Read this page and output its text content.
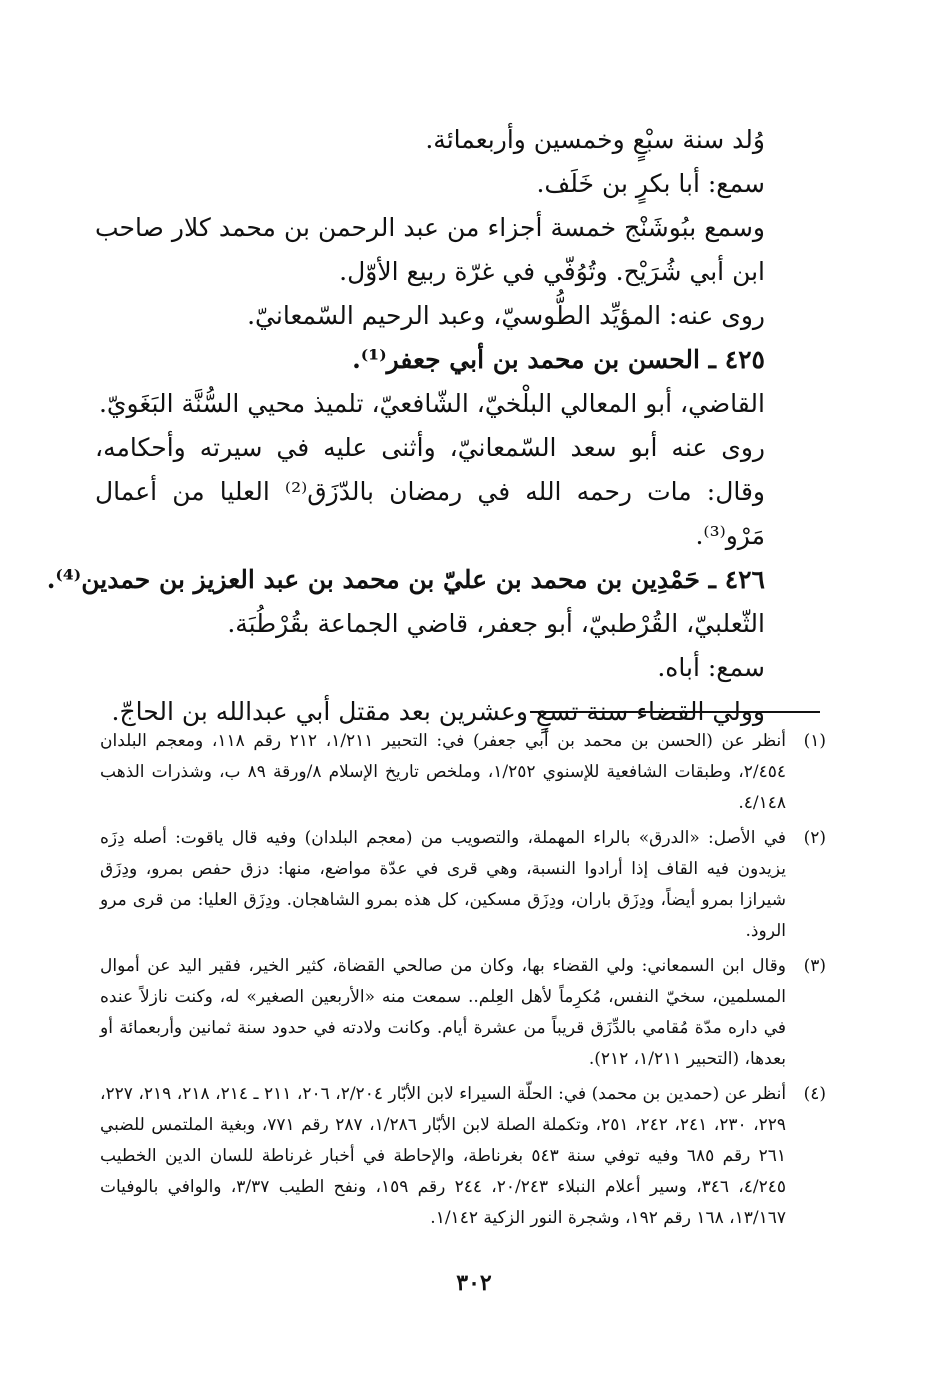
وُلد سنة سبْعٍ وخمسين وأربعمائة.
سمع: أبا بكرٍ بن خَلَف.
وسمع ببُوشَنْج خمسة أجزاء من عبد الرحمن بن محمد كلار صاحب ابن أبي شُرَيْح. وتُوُفّي في غرّة ربيع الأوّل.
روى عنه: المؤيِّد الطُّوسيّ، وعبد الرحيم السّمعانيّ.
٤٢٥ ـ الحسن بن محمد بن أبي جعفر⁽¹⁾.
القاضي، أبو المعالي البلْخيّ، الشّافعيّ، تلميذ محيي السُّنَّة البَغَويّ.
روى عنه أبو سعد السّمعانيّ، وأثنى عليه في سيرته وأحكامه، وقال: مات رحمه الله في رمضان بالدّزَق⁽²⁾ العليا من أعمال مَرْو⁽³⁾.
٤٢٦ ـ حَمْدِين بن محمد بن عليّ بن محمد بن عبد العزيز بن حمدين⁽⁴⁾.
الثّعلبيّ، القُرْطبيّ، أبو جعفر، قاضي الجماعة بقُرْطُبَة.
سمع: أباه.
وولي القضاء سنة تسعٍ وعشرين بعد مقتل أبي عبدالله بن الحاجّ.
(١)
أنظر عن (الحسن بن محمد بن أبي جعفر) في: التحبير ١/٢١١، ٢١٢ رقم ١١٨، ومعجم البلدان ٢/٤٥٤، وطبقات الشافعية للإسنوي ١/٢٥٢، وملخص تاريخ الإسلام ٨/ورقة ٨٩ ب، وشذرات الذهب ٤/١٤٨.
(٢)
في الأصل: «الدرق» بالراء المهملة، والتصويب من (معجم البلدان) وفيه قال ياقوت: أصله دِزَه يزيدون فيه القاف إذا أرادوا النسبة، وهي قرى في عدّة مواضع، منها: دزق حفص بمرو، ودِزَق شيرازا بمرو أيضاً، ودِزَق باران، ودِزَق مسكين، كل هذه بمرو الشاهجان. ودِزَق العليا: من قرى مرو الروذ.
(٣)
وقال ابن السمعاني: ولي القضاء بها، وكان من صالحي القضاة، كثير الخير، فقير اليد عن أموال المسلمين، سخيّ النفس، مُكرِماً لأهل العِلم.. سمعت منه «الأربعين الصغير» له، وكنت نازلاً عنده في داره مدّة مُقامي بالدِّزَق قريباً من عشرة أيام. وكانت ولادته في حدود سنة ثمانين وأربعمائة أو بعدها، (التحبير ١/٢١١، ٢١٢).
(٤)
أنظر عن (حمدين بن محمد) في: الحلّة السيراء لابن الأبّار ٢/٢٠٤، ٢٠٦، ٢١١ ـ ٢١٤، ٢١٨، ٢١٩، ٢٢٧، ٢٢٩، ٢٣٠، ٢٤١، ٢٤٢، ٢٥١، وتكملة الصلة لابن الأبّار ١/٢٨٦، ٢٨٧ رقم ٧٧١، وبغية الملتمس للضبي ٢٦١ رقم ٦٨٥ وفيه توفي سنة ٥٤٣ بغرناطة، والإحاطة في أخبار غرناطة للسان الدين الخطيب ٤/٢٤٥، ٣٤٦، وسير أعلام النبلاء ٢٠/٢٤٣، ٢٤٤ رقم ١٥٩، ونفح الطيب ٣/٣٧، والوافي بالوفيات ١٣/١٦٧، ١٦٨ رقم ١٩٢، وشجرة النور الزكية ١/١٤٢.
٣٠٢
